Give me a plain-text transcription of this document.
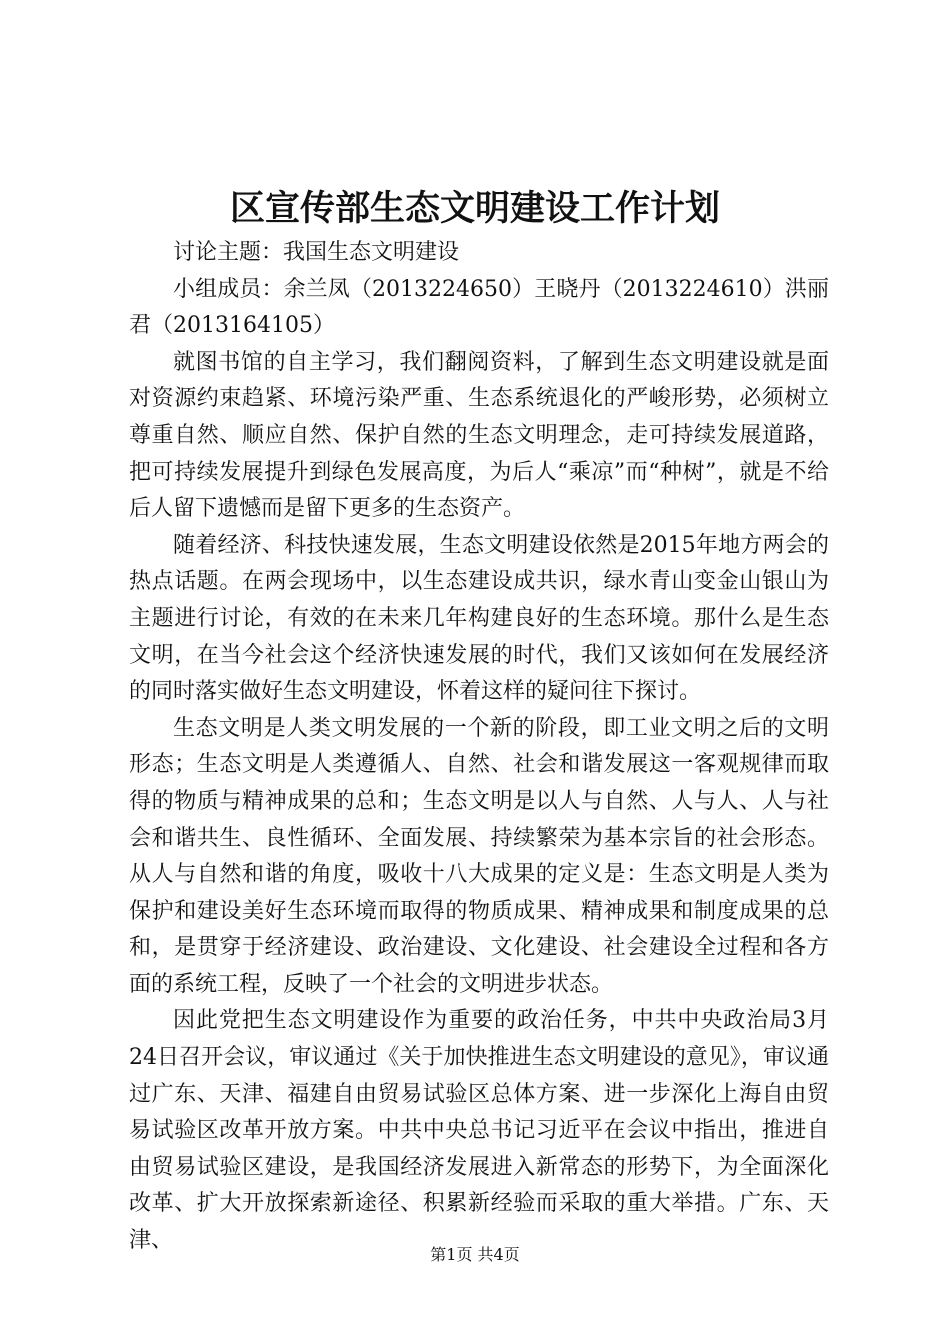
区宣传部生态文明建设工作计划
讨论主题：我国生态文明建设
小组成员：余兰凤（2013224650）王晓丹（2013224610）洪丽君（2013164105）

就图书馆的自主学习，我们翻阅资料，了解到生态文明建设就是面对资源约束趋紧、环境污染严重、生态系统退化的严峻形势，必须树立尊重自然、顺应自然、保护自然的生态文明理念，走可持续发展道路，把可持续发展提升到绿色发展高度，为后人“乘凉”而“种树”，就是不给后人留下遗憾而是留下更多的生态资产。

随着经济、科技快速发展，生态文明建设依然是2015年地方两会的热点话题。在两会现场中，以生态建设成共识，绿水青山变金山银山为主题进行讨论，有效的在未来几年构建良好的生态环境。那什么是生态文明，在当今社会这个经济快速发展的时代，我们又该如何在发展经济的同时落实做好生态文明建设，怀着这样的疑问往下探讨。

生态文明是人类文明发展的一个新的阶段，即工业文明之后的文明形态；生态文明是人类遵循人、自然、社会和谐发展这一客观规律而取得的物质与精神成果的总和；生态文明是以人与自然、人与人、人与社会和谐共生、良性循环、全面发展、持续繁荣为基本宗旨的社会形态。从人与自然和谐的角度，吸收十八大成果的定义是：生态文明是人类为保护和建设美好生态环境而取得的物质成果、精神成果和制度成果的总和，是贯穿于经济建设、政治建设、文化建设、社会建设全过程和各方面的系统工程，反映了一个社会的文明进步状态。

因此党把生态文明建设作为重要的政治任务，中共中央政治局3月24日召开会议，审议通过《关于加快推进生态文明建设的意见》，审议通过广东、天津、福建自由贸易试验区总体方案、进一步深化上海自由贸易试验区改革开放方案。中共中央总书记习近平在会议中指出，推进自由贸易试验区建设，是我国经济发展进入新常态的形势下，为全面深化改革、扩大开放探索新途径、积累新经验而采取的重大举措。广东、天津、

第1页 共4页
